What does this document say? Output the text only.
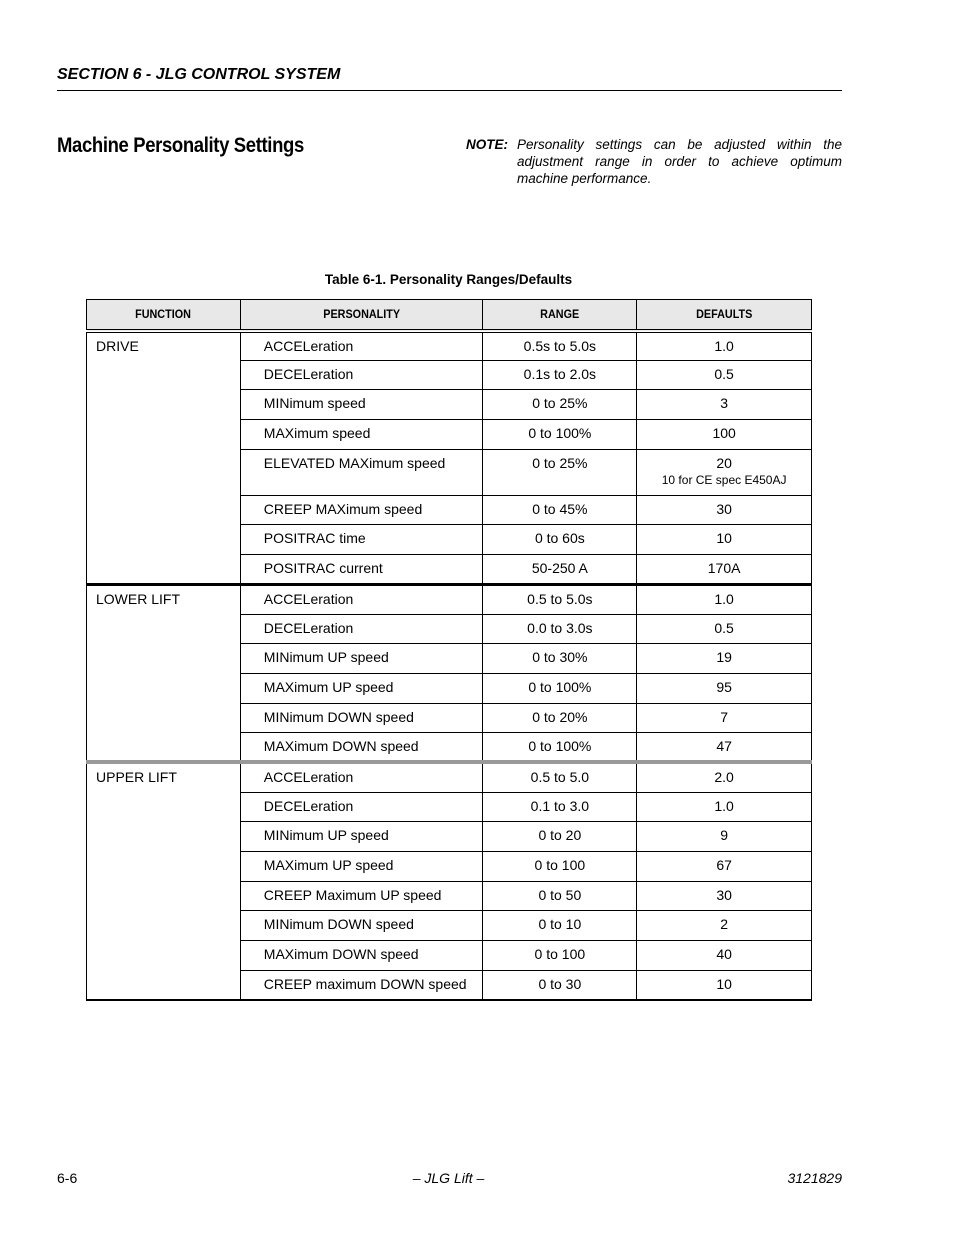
SECTION 6 - JLG CONTROL SYSTEM
Machine Personality Settings	NOTE: Personality settings can be adjusted within the adjustment range in order to achieve optimum machine performance.
Table 6-1. Personality Ranges/Defaults
FUNCTION	PERSONALITY	RANGE	DEFAULTS
DRIVE	ACCELeration	0.5s to 5.0s	1.0
	DECELeration	0.1s to 2.0s	0.5
	MINimum speed	0 to 25%	3
	MAXimum speed	0 to 100%	100
	ELEVATED MAXimum speed	0 to 25%	20
10 for CE spec E450AJ

	CREEP MAXimum speed	0 to 45%	30
	POSITRAC time	0 to 60s	10
	POSITRAC current	50-250 A	170A
LOWER LIFT	ACCELeration	0.5 to 5.0s	1.0
	DECELeration	0.0 to 3.0s	0.5
	MINimum UP speed	0 to 30%	19
	MAXimum UP speed	0 to 100%	95
	MINimum DOWN speed	0 to 20%	7
	MAXimum DOWN speed	0 to 100%	47
UPPER LIFT	ACCELeration	0.5 to 5.0	2.0
	DECELeration	0.1 to 3.0	1.0
	MINimum UP speed	0 to 20	9
	MAXimum UP speed	0 to 100	67
	CREEP Maximum UP speed	0 to 50	30
	MINimum DOWN speed	0 to 10	2
	MAXimum DOWN speed	0 to 100	40
	CREEP maximum DOWN speed	0 to 30	10
6-6	– JLG Lift –	3121829
